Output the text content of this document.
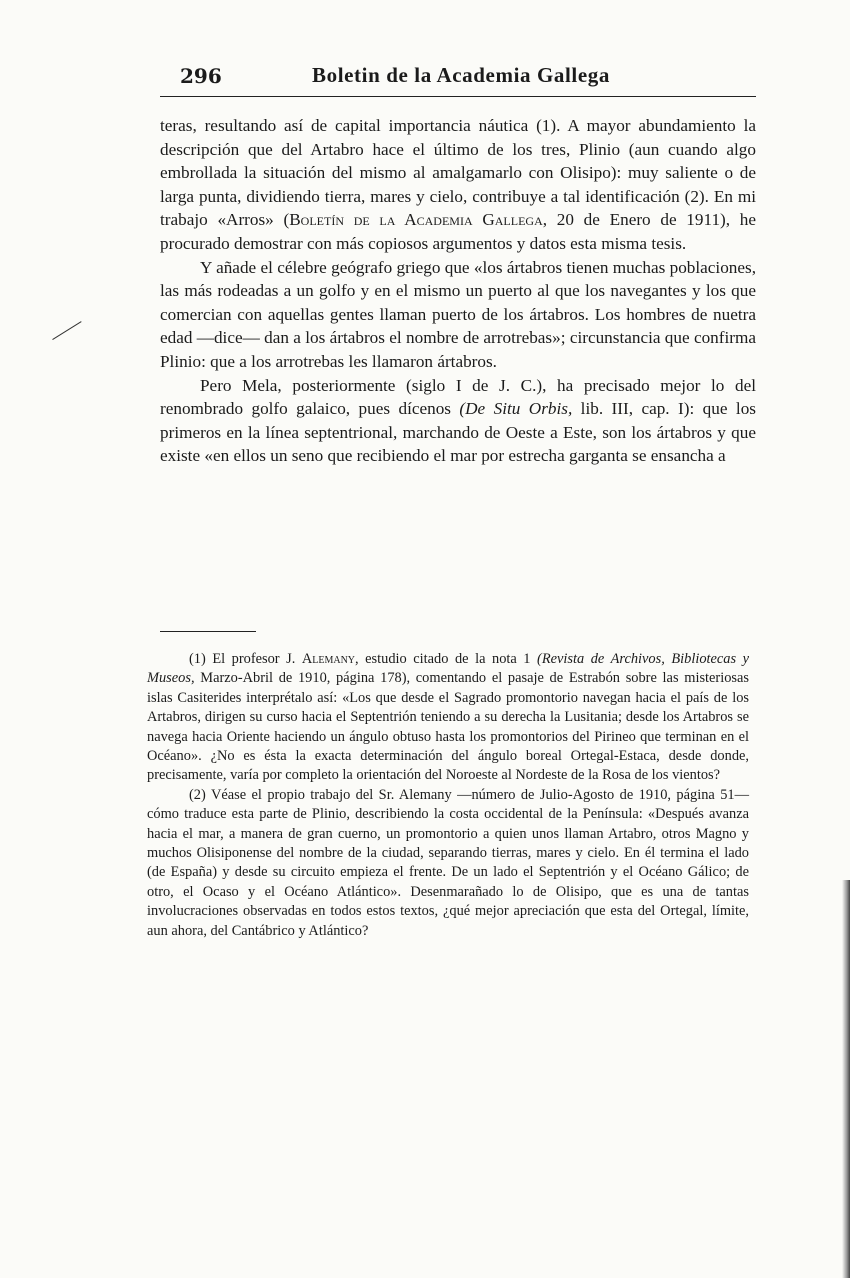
296	Boletin de la Academia Gallega

teras, resultando así de capital importancia náutica (1). A mayor abundamiento la descripción que del Artabro hace el último de los tres, Plinio (aun cuando algo embrollada la situación del mismo al amalgamarlo con Olisipo): muy saliente o de larga punta, dividiendo tierra, mares y cielo, contribuye a tal identificación (2). En mi trabajo «Arros» (Boletín de la Academia Gallega, 20 de Enero de 1911), he procurado demostrar con más copiosos argumentos y datos esta misma tesis.

Y añade el célebre geógrafo griego que «los ártabros tienen muchas poblaciones, las más rodeadas a un golfo y en el mismo un puerto al que los navegantes y los que comercian con aquellas gentes llaman puerto de los ártabros. Los hombres de nuetra edad —dice— dan a los ártabros el nombre de arrotrebas»; circunstancia que confirma Plinio: que a los arrotrebas les llamaron ártabros.

Pero Mela, posteriormente (siglo I de J. C.), ha precisado mejor lo del renombrado golfo galaico, pues dícenos (De Situ Orbis, lib. III, cap. I): que los primeros en la línea septentrional, marchando de Oeste a Este, son los ártabros y que existe «en ellos un seno que recibiendo el mar por estrecha garganta se ensancha a

(1) El profesor J. Alemany, estudio citado de la nota 1 (Revista de Archivos, Bibliotecas y Museos, Marzo-Abril de 1910, página 178), comentando el pasaje de Estrabón sobre las misteriosas islas Casiterides interprétalo así: «Los que desde el Sagrado promontorio navegan hacia el país de los Artabros, dirigen su curso hacia el Septentrión teniendo a su derecha la Lusitania; desde los Artabros se navega hacia Oriente haciendo un ángulo obtuso hasta los promontorios del Pirineo que terminan en el Océano». ¿No es ésta la exacta determinación del ángulo boreal Ortegal-Estaca, desde donde, precisamente, varía por completo la orientación del Noroeste al Nordeste de la Rosa de los vientos?

(2) Véase el propio trabajo del Sr. Alemany —número de Julio-Agosto de 1910, página 51— cómo traduce esta parte de Plinio, describiendo la costa occidental de la Península: «Después avanza hacia el mar, a manera de gran cuerno, un promontorio a quien unos llaman Artabro, otros Magno y muchos Olisiponense del nombre de la ciudad, separando tierras, mares y cielo. En él termina el lado (de España) y desde su circuito empieza el frente. De un lado el Septentrión y el Océano Gálico; de otro, el Ocaso y el Océano Atlántico». Desenmarañado lo de Olisipo, que es una de tantas involucraciones observadas en todos estos textos, ¿qué mejor apreciación que esta del Ortegal, límite, aun ahora, del Cantábrico y Atlántico?
